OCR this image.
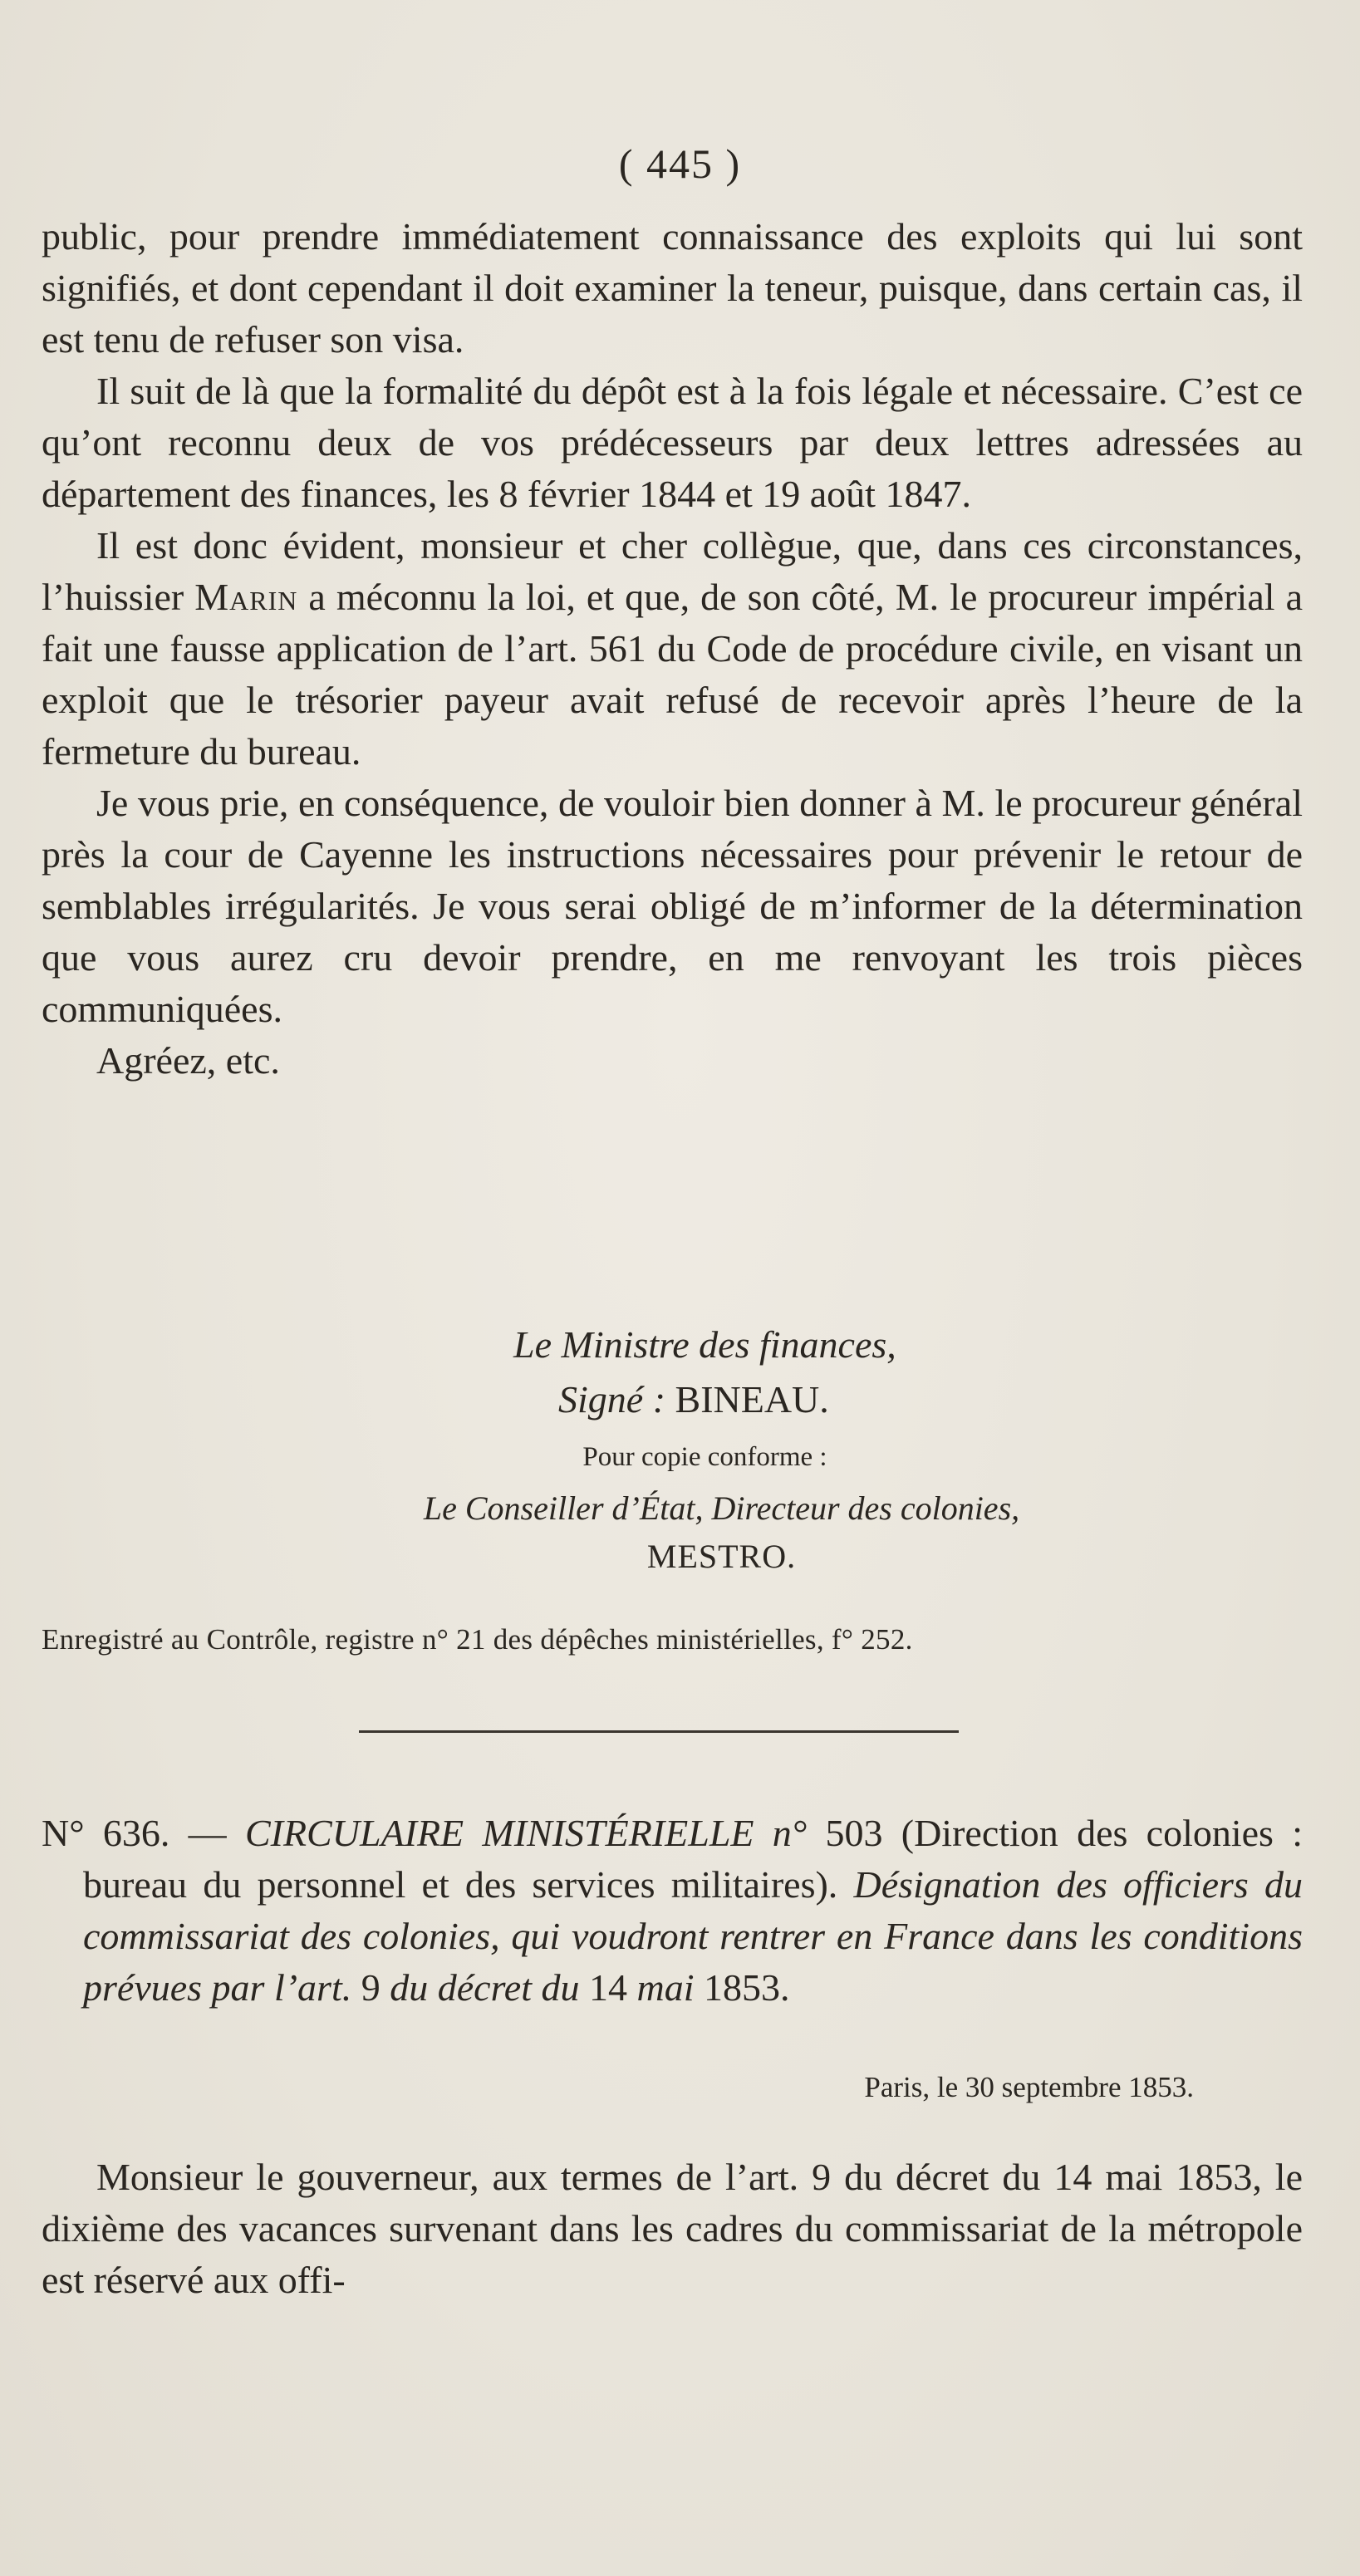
( 445 )

public, pour prendre immédiatement connaissance des exploits qui lui sont signifiés, et dont cependant il doit examiner la teneur, puisque, dans certain cas, il est tenu de refuser son visa.

Il suit de là que la formalité du dépôt est à la fois légale et nécessaire. C’est ce qu’ont reconnu deux de vos prédécesseurs par deux lettres adressées au département des finances, les 8 février 1844 et 19 août 1847.

Il est donc évident, monsieur et cher collègue, que, dans ces circonstances, l’huissier Marin a méconnu la loi, et que, de son côté, M. le procureur impérial a fait une fausse application de l’art. 561 du Code de procédure civile, en visant un exploit que le trésorier payeur avait refusé de recevoir après l’heure de la fermeture du bureau.

Je vous prie, en conséquence, de vouloir bien donner à M. le procureur général près la cour de Cayenne les instructions nécessaires pour prévenir le retour de semblables irrégularités. Je vous serai obligé de m’informer de la détermination que vous aurez cru devoir prendre, en me renvoyant les trois pièces communiquées.

Agréez, etc.

Le Ministre des finances,
Signé : BINEAU.
Pour copie conforme :
Le Conseiller d’État, Directeur des colonies,
MESTRO.
Enregistré au Contrôle, registre n° 21 des dépêches ministérielles, f° 252.

N° 636. — CIRCULAIRE MINISTÉRIELLE n° 503 (Direction des colonies : bureau du personnel et des services militaires). Désignation des officiers du commissariat des colonies, qui voudront rentrer en France dans les conditions prévues par l’art. 9 du décret du 14 mai 1853.

Paris, le 30 septembre 1853.

Monsieur le gouverneur, aux termes de l’art. 9 du décret du 14 mai 1853, le dixième des vacances survenant dans les cadres du commissariat de la métropole est réservé aux offi-
